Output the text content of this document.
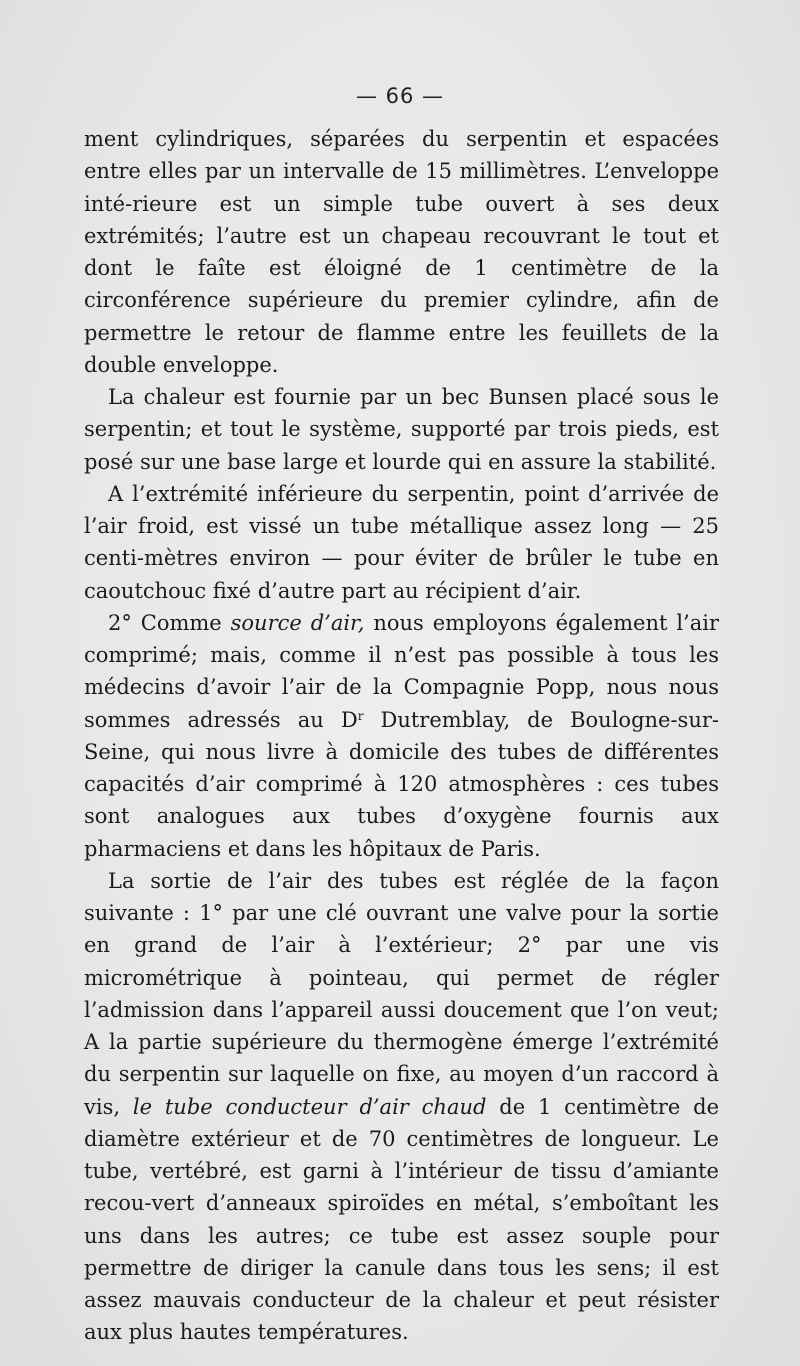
— 66 —

ment cylindriques, séparées du serpentin et espacées entre elles par un intervalle de 15 millimètres. L’enveloppe inté-rieure est un simple tube ouvert à ses deux extrémités; l’autre est un chapeau recouvrant le tout et dont le faîte est éloigné de 1 centimètre de la circonférence supérieure du premier cylindre, afin de permettre le retour de flamme entre les feuillets de la double enveloppe.

La chaleur est fournie par un bec Bunsen placé sous le serpentin; et tout le système, supporté par trois pieds, est posé sur une base large et lourde qui en assure la stabilité.

A l’extrémité inférieure du serpentin, point d’arrivée de l’air froid, est vissé un tube métallique assez long — 25 centi-mètres environ — pour éviter de brûler le tube en caoutchouc fixé d’autre part au récipient d’air.

2° Comme source d’air, nous employons également l’air comprimé; mais, comme il n’est pas possible à tous les médecins d’avoir l’air de la Compagnie Popp, nous nous sommes adressés au $D^r$ Dutremblay, de Boulogne-sur-Seine, qui nous livre à domicile des tubes de différentes capacités d’air comprimé à 120 atmosphères : ces tubes sont analogues aux tubes d’oxygène fournis aux pharmaciens et dans les hôpitaux de Paris.

La sortie de l’air des tubes est réglée de la façon suivante : 1° par une clé ouvrant une valve pour la sortie en grand de l’air à l’extérieur; 2° par une vis micrométrique à pointeau, qui permet de régler l’admission dans l’appareil aussi doucement que l’on veut; A la partie supérieure du thermogène émerge l’extrémité du serpentin sur laquelle on fixe, au moyen d’un raccord à vis, le tube conducteur d’air chaud de 1 centimètre de diamètre extérieur et de 70 centimètres de longueur. Le tube, vertébré, est garni à l’intérieur de tissu d’amiante recou-vert d’anneaux spiroïdes en métal, s’emboîtant les uns dans les autres; ce tube est assez souple pour permettre de diriger la canule dans tous les sens; il est assez mauvais conducteur de la chaleur et peut résister aux plus hautes températures.
